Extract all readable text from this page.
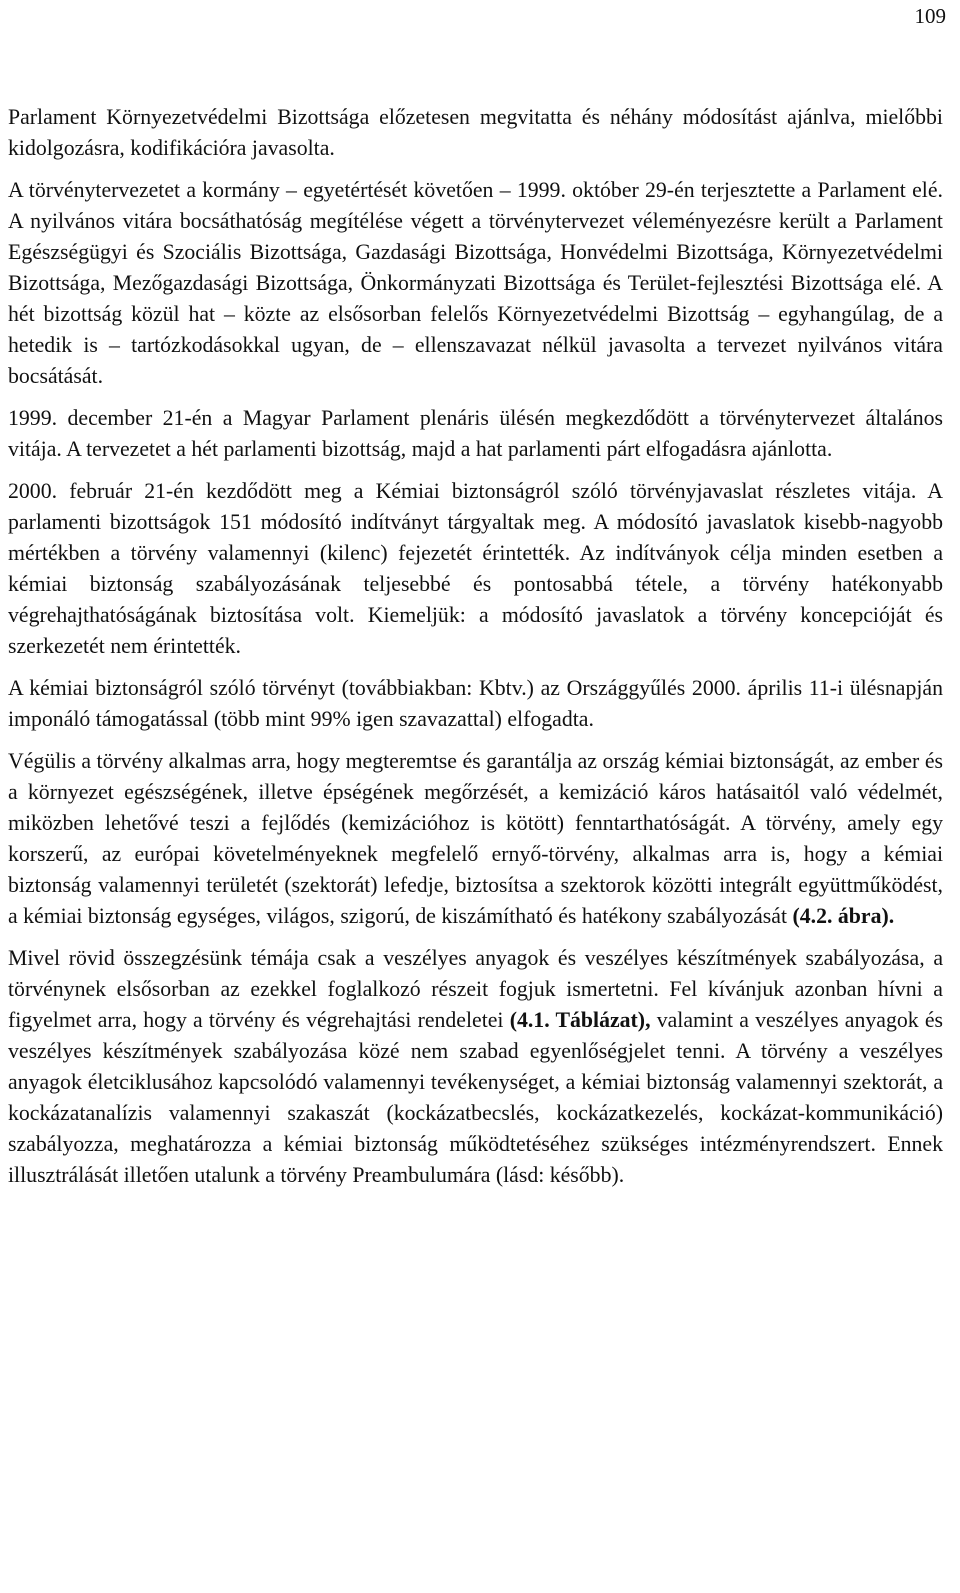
109

Parlament Környezetvédelmi Bizottsága előzetesen megvitatta és néhány módosítást ajánlva, mielőbbi kidolgozásra, kodifikációra javasolta.

A törvénytervezetet a kormány – egyetértését követően – 1999. október 29-én terjesztette a Parlament elé. A nyilvános vitára bocsáthatóság megítélése végett a törvénytervezet véleményezésre került a Parlament Egészségügyi és Szociális Bizottsága, Gazdasági Bizottsága, Honvédelmi Bizottsága, Környezetvédelmi Bizottsága, Mezőgazdasági Bizottsága, Önkormányzati Bizottsága és Terület-fejlesztési Bizottsága elé. A hét bizottság közül hat – közte az elsősorban felelős Környezetvédelmi Bizottság – egyhangúlag, de a hetedik is – tartózkodásokkal ugyan, de – ellenszavazat nélkül javasolta a tervezet nyilvános vitára bocsátását.

1999. december 21-én a Magyar Parlament plenáris ülésén megkezdődött a törvénytervezet általános vitája. A tervezetet a hét parlamenti bizottság, majd a hat parlamenti párt elfogadásra ajánlotta.

2000. február 21-én kezdődött meg a Kémiai biztonságról szóló törvényjavaslat részletes vitája. A parlamenti bizottságok 151 módosító indítványt tárgyaltak meg. A módosító javaslatok kisebb-nagyobb mértékben a törvény valamennyi (kilenc) fejezetét érintették. Az indítványok célja minden esetben a kémiai biztonság szabályozásának teljesebbé és pontosabbá tétele, a törvény hatékonyabb végrehajthatóságának biztosítása volt. Kiemeljük: a módosító javaslatok a törvény koncepcióját és szerkezetét nem érintették.

A kémiai biztonságról szóló törvényt (továbbiakban: Kbtv.) az Országgyűlés 2000. április 11-i ülésnapján imponáló támogatással (több mint 99% igen szavazattal) elfogadta.

Végülis a törvény alkalmas arra, hogy megteremtse és garantálja az ország kémiai biztonságát, az ember és a környezet egészségének, illetve épségének megőrzését, a kemizáció káros hatásaitól való védelmét, miközben lehetővé teszi a fejlődés (kemizációhoz is kötött) fenntarthatóságát. A törvény, amely egy korszerű, az európai követelményeknek megfelelő ernyő-törvény, alkalmas arra is, hogy a kémiai biztonság valamennyi területét (szektorát) lefedje, biztosítsa a szektorok közötti integrált együttműködést, a kémiai biztonság egységes, világos, szigorú, de kiszámítható és hatékony szabályozását (4.2. ábra).

Mivel rövid összegzésünk témája csak a veszélyes anyagok és veszélyes készítmények szabályozása, a törvénynek elsősorban az ezekkel foglalkozó részeit fogjuk ismertetni. Fel kívánjuk azonban hívni a figyelmet arra, hogy a törvény és végrehajtási rendeletei (4.1. Táblázat), valamint a veszélyes anyagok és veszélyes készítmények szabályozása közé nem szabad egyenlőségjelet tenni. A törvény a veszélyes anyagok életciklusához kapcsolódó valamennyi tevékenységet, a kémiai biztonság valamennyi szektorát, a kockázatanalízis valamennyi szakaszát (kockázatbecslés, kockázatkezelés, kockázat-kommunikáció) szabályozza, meghatározza a kémiai biztonság működtetéséhez szükséges intézményrendszert. Ennek illusztrálását illetően utalunk a törvény Preambulumára (lásd: később).
